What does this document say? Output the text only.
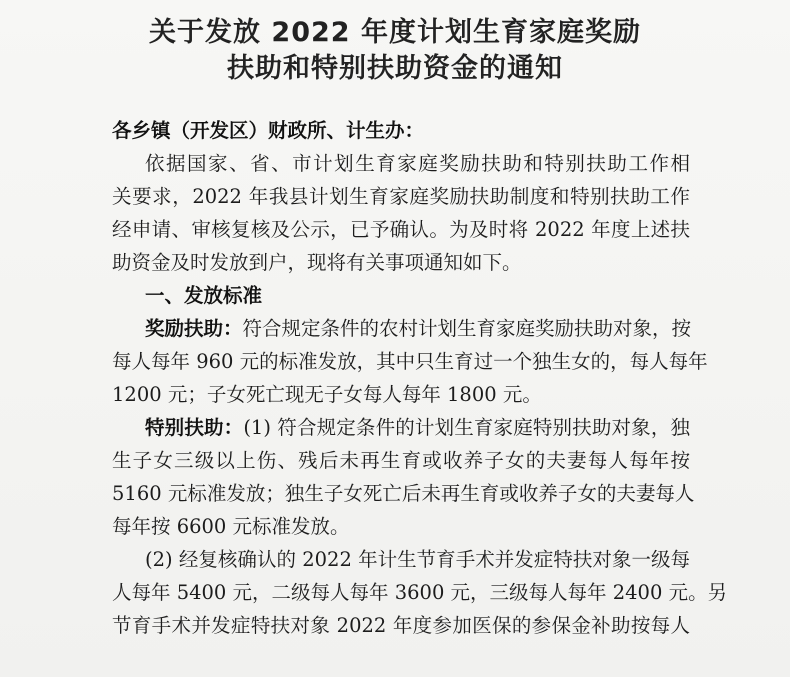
关于发放 2022 年度计划生育家庭奖励
扶助和特别扶助资金的通知
各乡镇（开发区）财政所、计生办：
依据国家、省、市计划生育家庭奖励扶助和特别扶助工作相
关要求，2022 年我县计划生育家庭奖励扶助制度和特别扶助工作
经申请、审核复核及公示，已予确认。为及时将 2022 年度上述扶
助资金及时发放到户，现将有关事项通知如下。
一、发放标准
奖励扶助：符合规定条件的农村计划生育家庭奖励扶助对象，按
每人每年 960 元的标准发放，其中只生育过一个独生女的，每人每年
1200 元；子女死亡现无子女每人每年 1800 元。
特别扶助：(1) 符合规定条件的计划生育家庭特别扶助对象，独
生子女三级以上伤、残后未再生育或收养子女的夫妻每人每年按
5160 元标准发放；独生子女死亡后未再生育或收养子女的夫妻每人
每年按 6600 元标准发放。
(2) 经复核确认的 2022 年计生节育手术并发症特扶对象一级每
人每年 5400 元，二级每人每年 3600 元，三级每人每年 2400 元。另
节育手术并发症特扶对象 2022 年度参加医保的参保金补助按每人
